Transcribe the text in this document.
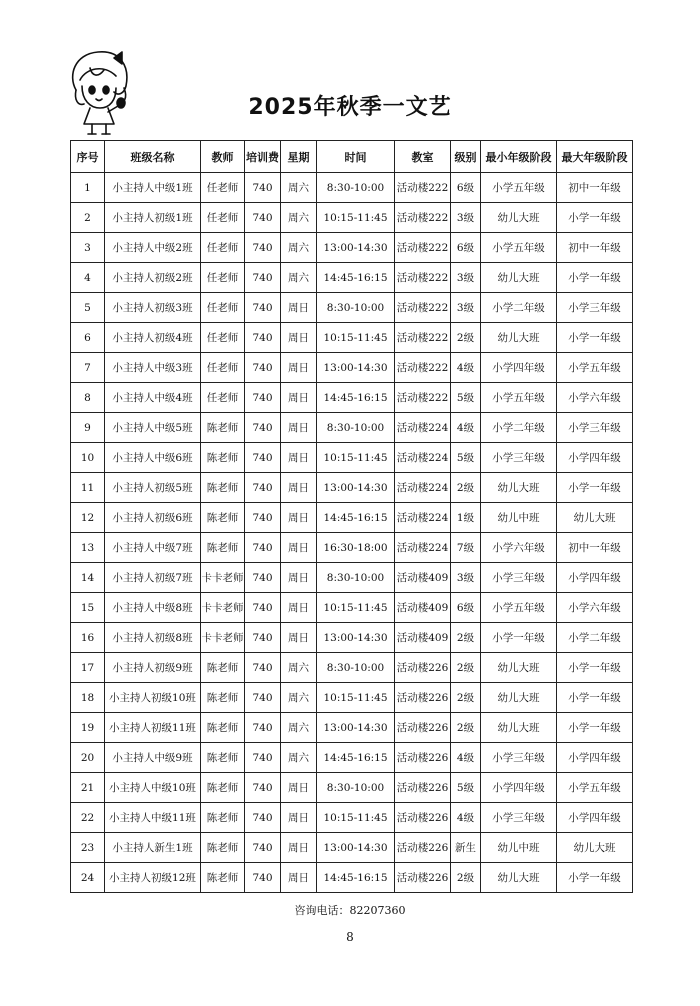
2025年秋季一文艺
序号	班级名称	教师	培训费	星期	时间	教室	级别	最小年级阶段	最大年级阶段
1	小主持人中级1班	任老师	740	周六	8:30-10:00	活动楼222	6级	小学五年级	初中一年级
2	小主持人初级1班	任老师	740	周六	10:15-11:45	活动楼222	3级	幼儿大班	小学一年级
3	小主持人中级2班	任老师	740	周六	13:00-14:30	活动楼222	6级	小学五年级	初中一年级
4	小主持人初级2班	任老师	740	周六	14:45-16:15	活动楼222	3级	幼儿大班	小学一年级
5	小主持人初级3班	任老师	740	周日	8:30-10:00	活动楼222	3级	小学二年级	小学三年级
6	小主持人初级4班	任老师	740	周日	10:15-11:45	活动楼222	2级	幼儿大班	小学一年级
7	小主持人中级3班	任老师	740	周日	13:00-14:30	活动楼222	4级	小学四年级	小学五年级
8	小主持人中级4班	任老师	740	周日	14:45-16:15	活动楼222	5级	小学五年级	小学六年级
9	小主持人中级5班	陈老师	740	周日	8:30-10:00	活动楼224	4级	小学二年级	小学三年级
10	小主持人中级6班	陈老师	740	周日	10:15-11:45	活动楼224	5级	小学三年级	小学四年级
11	小主持人初级5班	陈老师	740	周日	13:00-14:30	活动楼224	2级	幼儿大班	小学一年级
12	小主持人初级6班	陈老师	740	周日	14:45-16:15	活动楼224	1级	幼儿中班	幼儿大班
13	小主持人中级7班	陈老师	740	周日	16:30-18:00	活动楼224	7级	小学六年级	初中一年级
14	小主持人初级7班	卡卡老师	740	周日	8:30-10:00	活动楼409	3级	小学三年级	小学四年级
15	小主持人中级8班	卡卡老师	740	周日	10:15-11:45	活动楼409	6级	小学五年级	小学六年级
16	小主持人初级8班	卡卡老师	740	周日	13:00-14:30	活动楼409	2级	小学一年级	小学二年级
17	小主持人初级9班	陈老师	740	周六	8:30-10:00	活动楼226	2级	幼儿大班	小学一年级
18	小主持人初级10班	陈老师	740	周六	10:15-11:45	活动楼226	2级	幼儿大班	小学一年级
19	小主持人初级11班	陈老师	740	周六	13:00-14:30	活动楼226	2级	幼儿大班	小学一年级
20	小主持人中级9班	陈老师	740	周六	14:45-16:15	活动楼226	4级	小学三年级	小学四年级
21	小主持人中级10班	陈老师	740	周日	8:30-10:00	活动楼226	5级	小学四年级	小学五年级
22	小主持人中级11班	陈老师	740	周日	10:15-11:45	活动楼226	4级	小学三年级	小学四年级
23	小主持人新生1班	陈老师	740	周日	13:00-14:30	活动楼226	新生	幼儿中班	幼儿大班
24	小主持人初级12班	陈老师	740	周日	14:45-16:15	活动楼226	2级	幼儿大班	小学一年级
咨询电话：82207360
8
